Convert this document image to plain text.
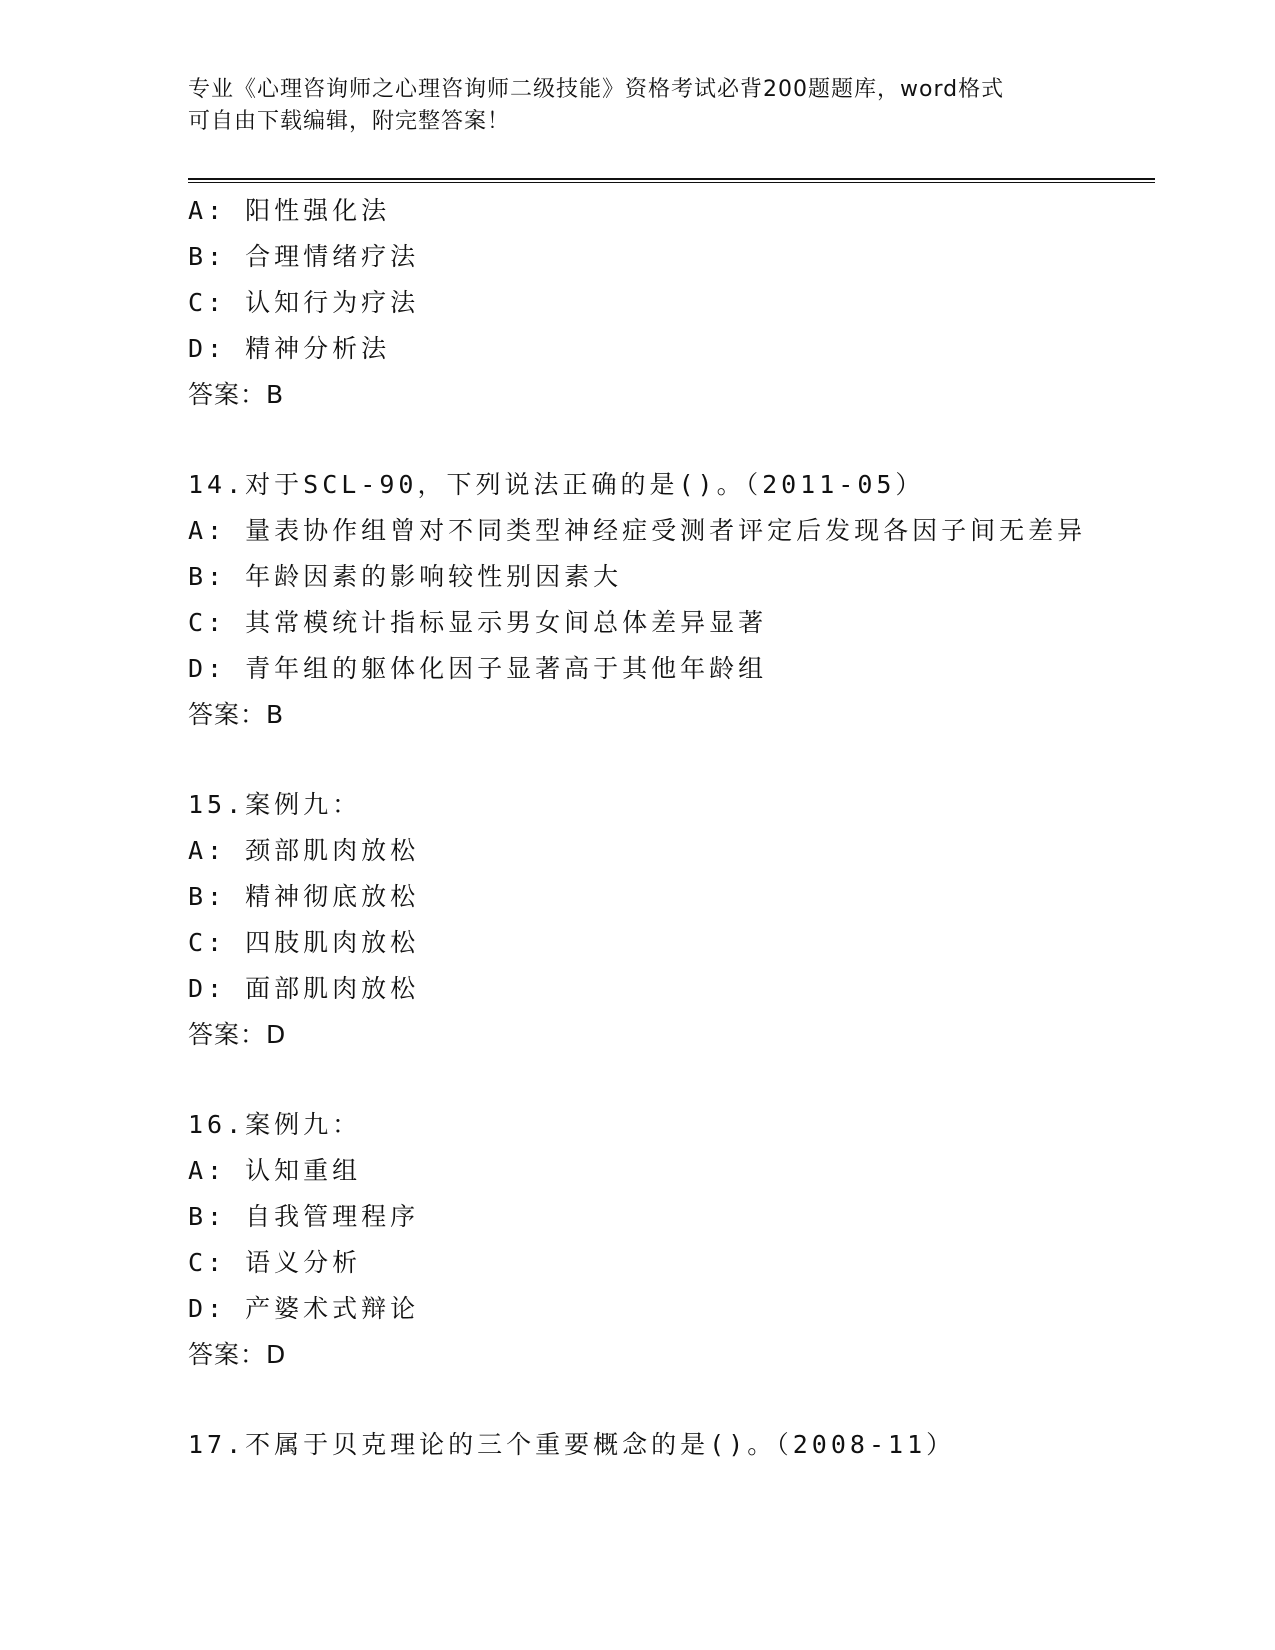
专业《心理咨询师之心理咨询师二级技能》资格考试必背200题题库，word格式
可自由下载编辑，附完整答案！
A: 阳性强化法
B: 合理情绪疗法
C: 认知行为疗法
D: 精神分析法
答案：B
14.对于SCL-90，下列说法正确的是()。（2011-05）
A: 量表协作组曾对不同类型神经症受测者评定后发现各因子间无差异
B: 年龄因素的影响较性别因素大
C: 其常模统计指标显示男女间总体差异显著
D: 青年组的躯体化因子显著高于其他年龄组
答案：B
15.案例九：
A: 颈部肌肉放松
B: 精神彻底放松
C: 四肢肌肉放松
D: 面部肌肉放松
答案：D
16.案例九：
A: 认知重组
B: 自我管理程序
C: 语义分析
D: 产婆术式辩论
答案：D
17.不属于贝克理论的三个重要概念的是()。（2008-11）
